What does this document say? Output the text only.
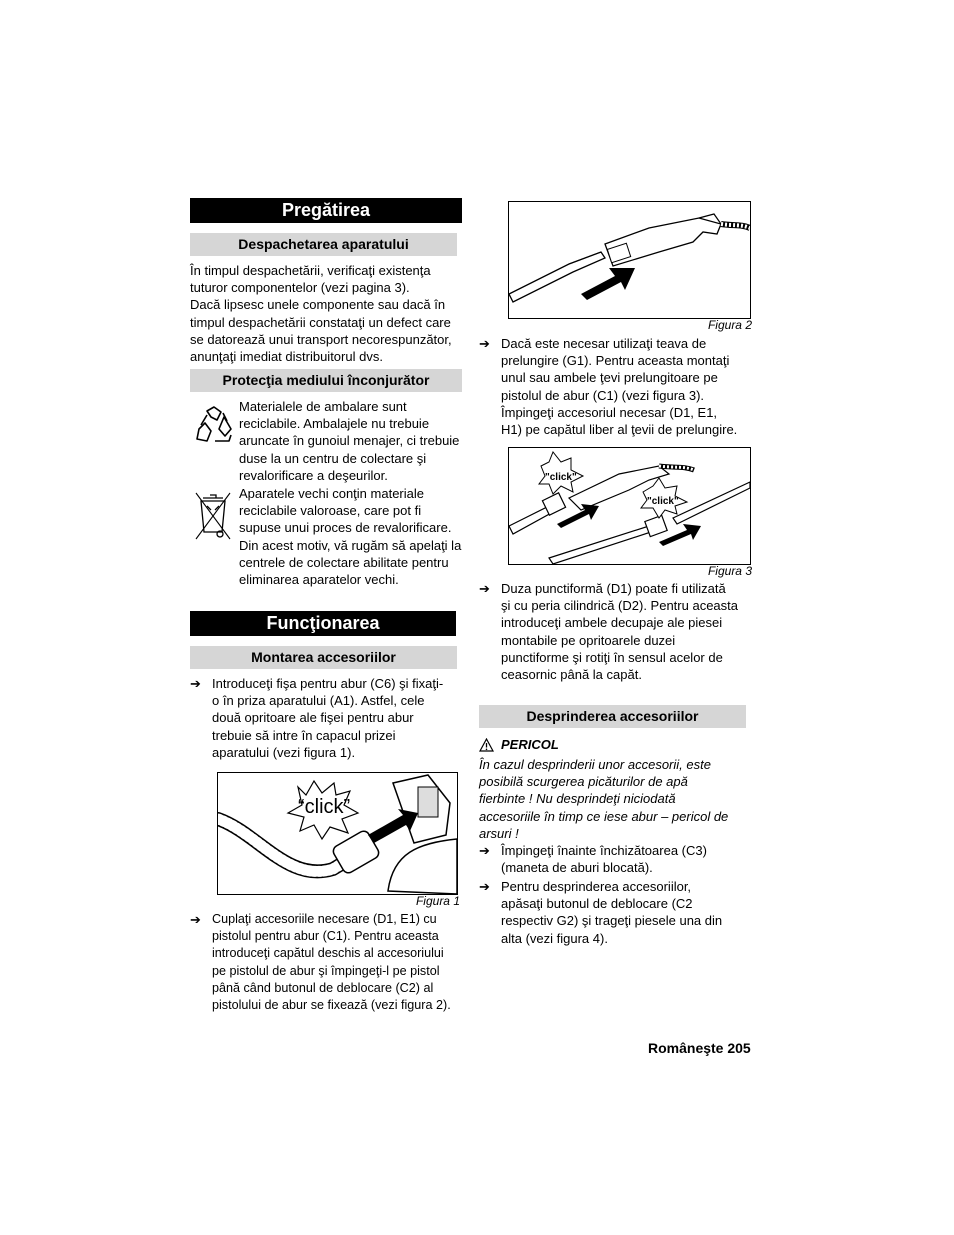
Pregătirea
Despachetarea aparatului
În timpul despachetării, verificaţi existenţa
tuturor componentelor (vezi pagina 3).
Dacă lipsesc unele componente sau dacă în
timpul despachetării constataţi un defect care
se datorează unui transport necorespunzător,
anunţaţi imediat distribuitorul dvs.
Protecţia mediului înconjurător
Materialele de ambalare sunt
reciclabile. Ambalajele nu trebuie
aruncate în gunoiul menajer, ci trebuie
duse la un centru de colectare şi
revalorificare a deşeurilor.
Aparatele vechi conţin materiale
reciclabile valoroase, care pot fi
supuse unui proces de revalorificare.
Din acest motiv, vă rugăm să apelaţi la
centrele de colectare abilitate pentru
eliminarea aparatelor vechi.
Funcţionarea
Montarea accesoriilor
➔ Introduceţi fişa pentru abur (C6) şi fixaţi-
o în priza aparatului (A1). Astfel, cele
două opritoare ale fişei pentru abur
trebuie să intre în capacul prizei
aparatului (vezi figura 1).
“click”
Figura 1
➔ Cuplaţi accesoriile necesare (D1, E1) cu
pistolul pentru abur (C1). Pentru aceasta
introduceţi capătul deschis al accesoriului
pe pistolul de abur şi împingeţi-l pe pistol
până când butonul de deblocare (C2) al
pistolului de abur se fixează (vezi figura 2).
Figura 2
➔ Dacă este necesar utilizaţi teava de
prelungire (G1). Pentru aceasta montaţi
unul sau ambele ţevi prelungitoare pe
pistolul de abur (C1) (vezi figura 3).
Împingeţi accesoriul necesar (D1, E1,
H1) pe capătul liber al ţevii de prelungire.
"click"
"click"
Figura 3
➔ Duza punctiformă (D1) poate fi utilizată
şi cu peria cilindrică (D2). Pentru aceasta
introduceţi ambele decupaje ale piesei
montabile pe opritoarele duzei
punctiforme şi rotiţi în sensul acelor de
ceasornic până la capăt.
Desprinderea accesoriilor
PERICOL
În cazul desprinderii unor accesorii, este
posibilă scurgerea picăturilor de apă
fierbinte ! Nu desprindeţi niciodată
accesoriile în timp ce iese abur – pericol de
arsuri !
➔ Împingeţi înainte închizătoarea (C3)
(maneta de aburi blocată).
➔ Pentru desprinderea accesoriilor,
apăsaţi butonul de deblocare (C2
respectiv G2) şi trageţi piesele una din
alta (vezi figura 4).
Româneşte 205
